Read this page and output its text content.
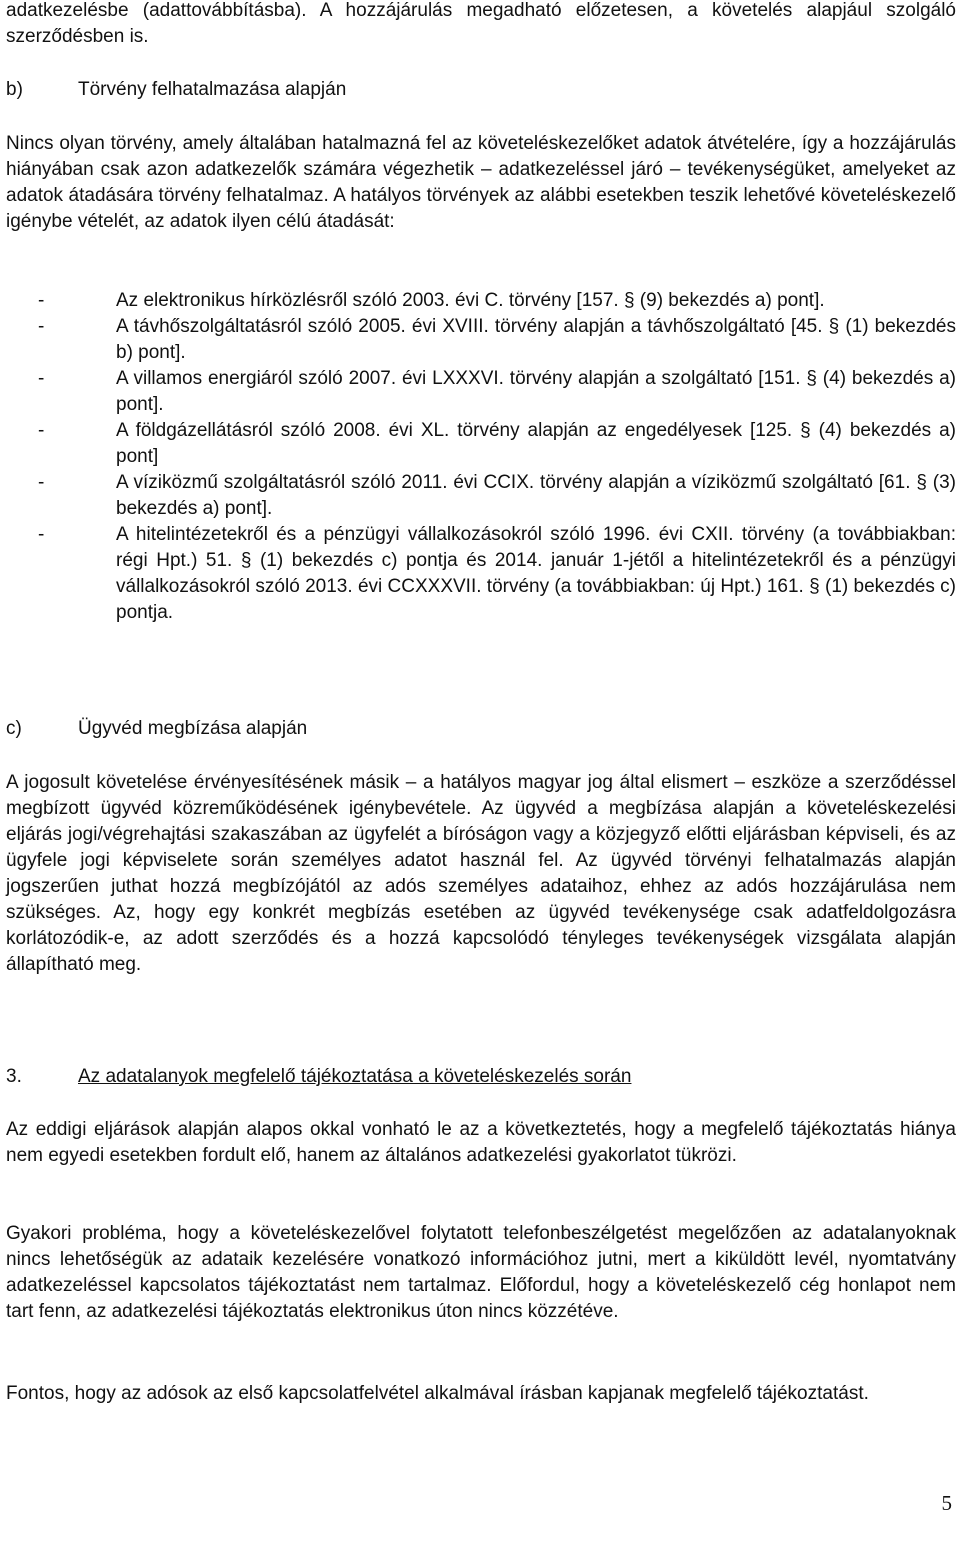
adatkezelésbe (adattovábbításba). A hozzájárulás megadható előzetesen, a követelés alapjául szolgáló szerződésben is.

b)	Törvény felhatalmazása alapján

Nincs olyan törvény, amely általában hatalmazná fel az követeléskezelőket adatok átvételére, így a hozzájárulás hiányában csak azon adatkezelők számára végezhetik – adatkezeléssel járó – tevékenységüket, amelyeket az adatok átadására törvény felhatalmaz. A hatályos törvények az alábbi esetekben teszik lehetővé követeléskezelő igénybe vételét, az adatok ilyen célú átadását:

-	Az elektronikus hírközlésről szóló 2003. évi C. törvény [157. § (9) bekezdés a) pont].
-	A távhőszolgáltatásról szóló 2005. évi XVIII. törvény alapján a távhőszolgáltató [45. § (1) bekezdés b) pont].
-	A villamos energiáról szóló 2007. évi LXXXVI. törvény alapján a szolgáltató [151. § (4) bekezdés a) pont].
-	A földgázellátásról szóló 2008. évi XL. törvény alapján az engedélyesek [125. § (4) bekezdés a) pont]
-	A víziközmű szolgáltatásról szóló 2011. évi CCIX. törvény alapján a víziközmű szolgáltató [61. § (3) bekezdés a) pont].
-	A hitelintézetekről és a pénzügyi vállalkozásokról szóló 1996. évi CXII. törvény (a továbbiakban: régi Hpt.) 51. § (1) bekezdés c) pontja és 2014. január 1-jétől a hitelintézetekről és a pénzügyi vállalkozásokról szóló 2013. évi CCXXXVII. törvény (a továbbiakban: új Hpt.) 161. § (1) bekezdés c) pontja.

c)	Ügyvéd megbízása alapján

A jogosult követelése érvényesítésének másik – a hatályos magyar jog által elismert – eszköze a szerződéssel megbízott ügyvéd közreműködésének igénybevétele. Az ügyvéd a megbízása alapján a követeléskezelési eljárás jogi/végrehajtási szakaszában az ügyfelét a bíróságon vagy a közjegyző előtti eljárásban képviseli, és az ügyfele jogi képviselete során személyes adatot használ fel. Az ügyvéd törvényi felhatalmazás alapján jogszerűen juthat hozzá megbízójától az adós személyes adataihoz, ehhez az adós hozzájárulása nem szükséges. Az, hogy egy konkrét megbízás esetében az ügyvéd tevékenysége csak adatfeldolgozásra korlátozódik-e, az adott szerződés és a hozzá kapcsolódó tényleges tevékenységek vizsgálata alapján állapítható meg.

3.	Az adatalanyok megfelelő tájékoztatása a követeléskezelés során

Az eddigi eljárások alapján alapos okkal vonható le az a következtetés, hogy a megfelelő tájékoztatás hiánya nem egyedi esetekben fordult elő, hanem az általános adatkezelési gyakorlatot tükrözi.

Gyakori probléma, hogy a követeléskezelővel folytatott telefonbeszélgetést megelőzően az adatalanyoknak nincs lehetőségük az adataik kezelésére vonatkozó információhoz jutni, mert a kiküldött levél, nyomtatvány adatkezeléssel kapcsolatos tájékoztatást nem tartalmaz. Előfordul, hogy a követeléskezelő cég honlapot nem tart fenn, az adatkezelési tájékoztatás elektronikus úton nincs közzétéve.

Fontos, hogy az adósok az első kapcsolatfelvétel alkalmával írásban kapjanak megfelelő tájékoztatást.

5
